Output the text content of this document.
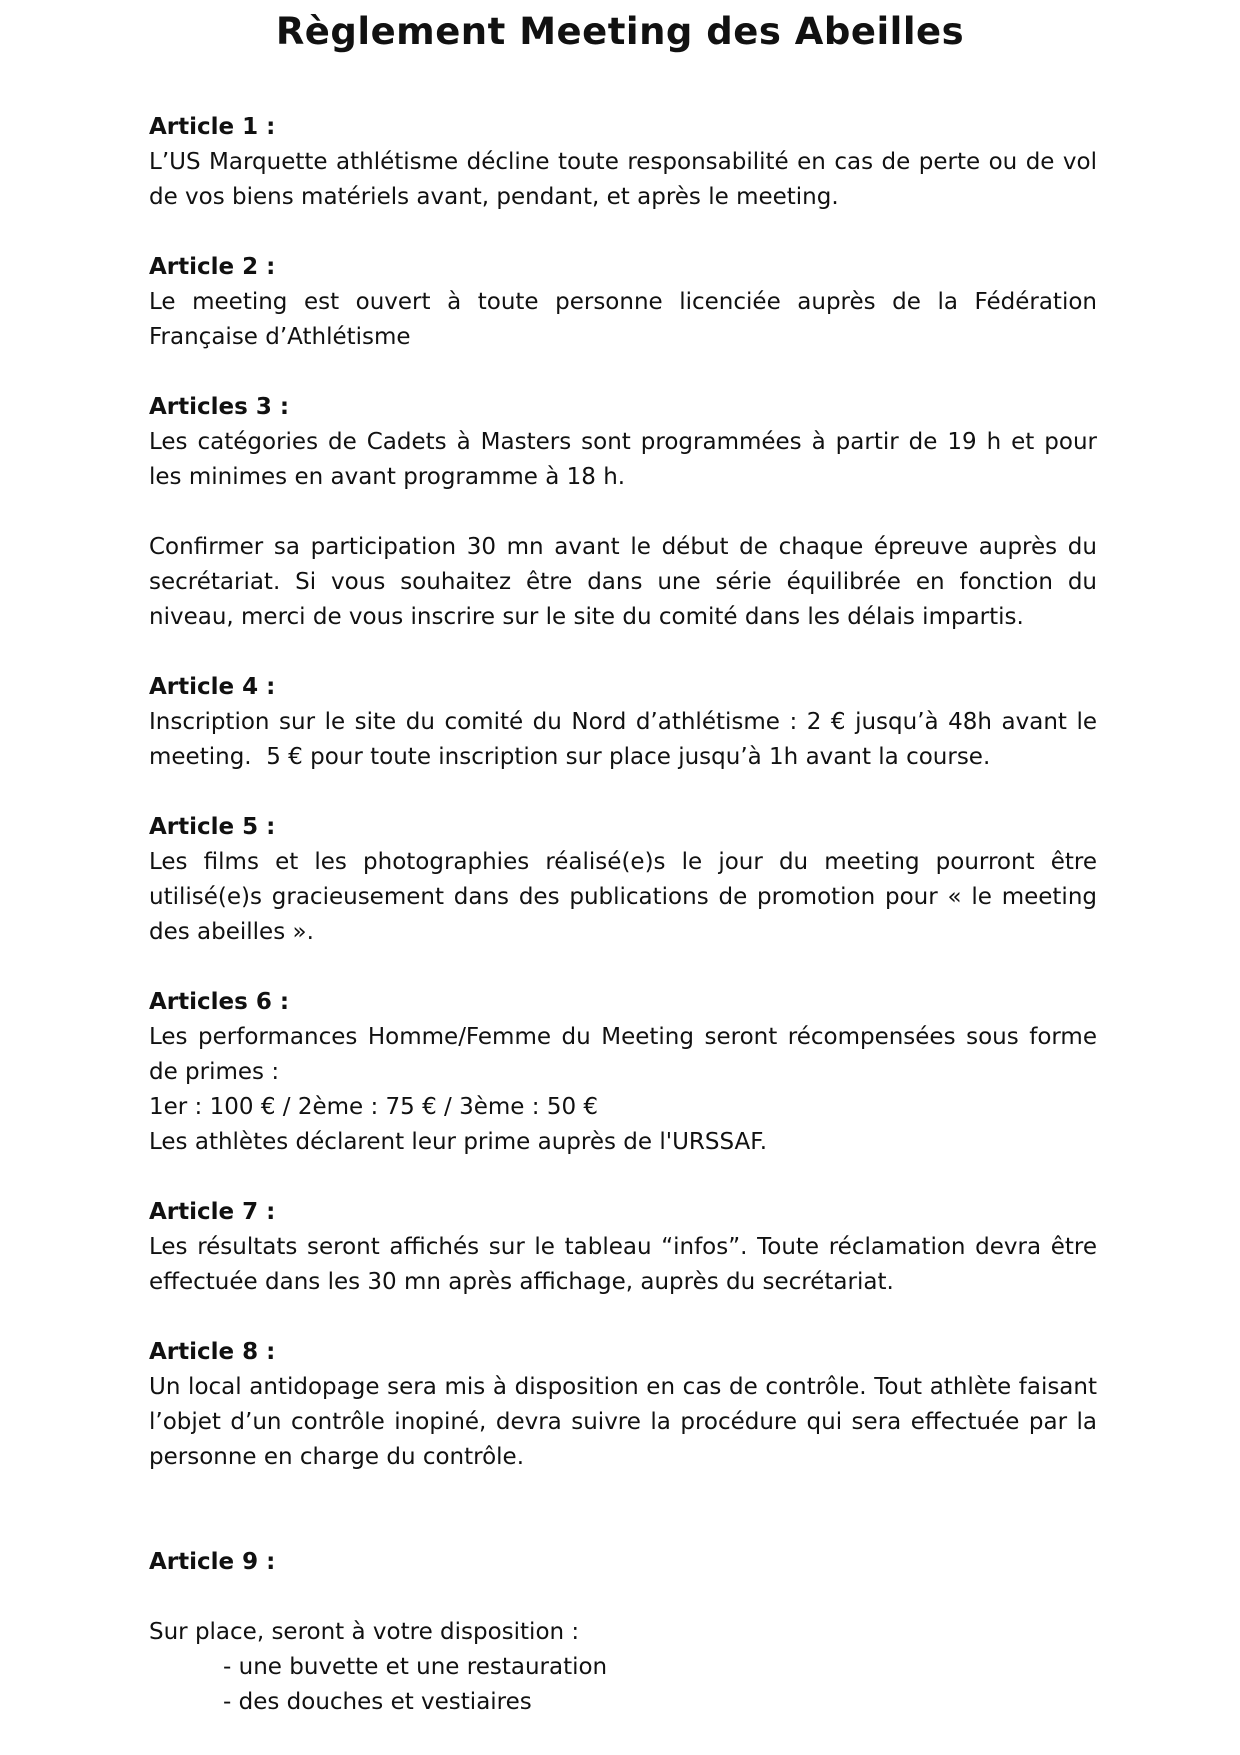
Règlement Meeting des Abeilles
Article 1 :
L’US Marquette athlétisme décline toute responsabilité en cas de perte ou de vol de vos biens matériels avant, pendant, et après le meeting.
Article 2 :
Le meeting est ouvert à toute personne licenciée auprès de la Fédération Française d’Athlétisme
Articles 3 :
Les catégories de Cadets à Masters sont programmées à partir de 19 h et pour les minimes en avant programme à 18 h.
Confirmer sa participation 30 mn avant le début de chaque épreuve auprès du secrétariat. Si vous souhaitez être dans une série équilibrée en fonction du niveau, merci de vous inscrire sur le site du comité dans les délais impartis.
Article 4 :
Inscription sur le site du comité du Nord d’athlétisme : 2 € jusqu’à 48h avant le meeting.  5 € pour toute inscription sur place jusqu’à 1h avant la course.
Article 5 :
Les films et les photographies réalisé(e)s le jour du meeting pourront être utilisé(e)s gracieusement dans des publications de promotion pour « le meeting des abeilles ».
Articles 6 :
Les performances Homme/Femme du Meeting seront récompensées sous forme de primes :
1er : 100 € / 2ème : 75 € / 3ème : 50 €
Les athlètes déclarent leur prime auprès de l'URSSAF.
Article 7 :
Les résultats seront affichés sur le tableau “infos”. Toute réclamation devra être effectuée dans les 30 mn après affichage, auprès du secrétariat.
Article 8 :
Un local antidopage sera mis à disposition en cas de contrôle. Tout athlète faisant l’objet d’un contrôle inopiné, devra suivre la procédure qui sera effectuée par la personne en charge du contrôle.
Article 9 :
Sur place, seront à votre disposition :
- une buvette et une restauration
- des douches et vestiaires
